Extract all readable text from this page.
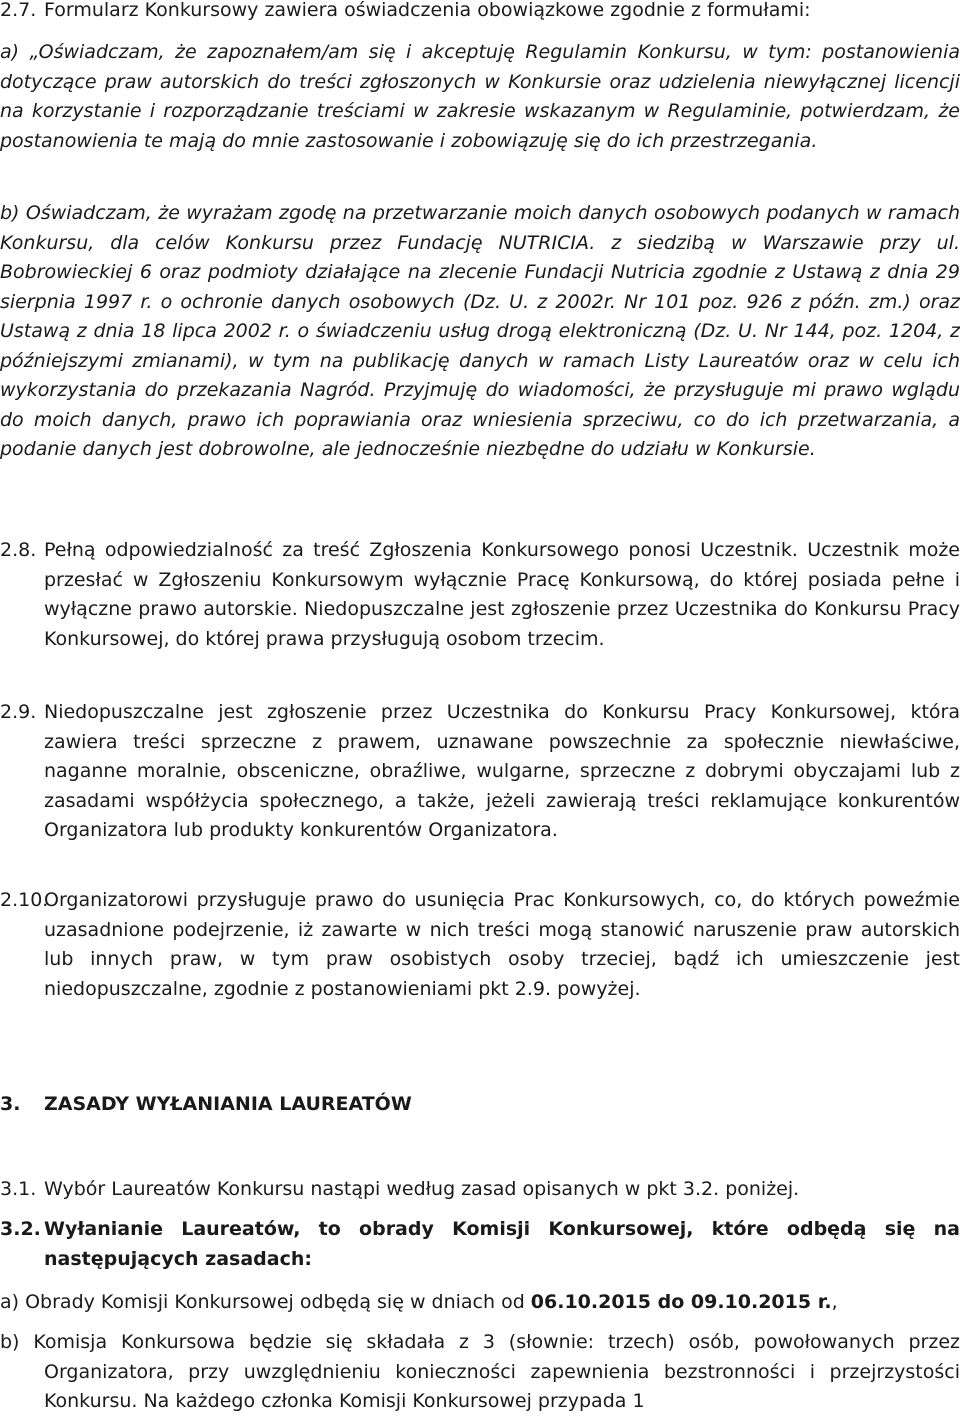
2.7. Formularz Konkursowy zawiera oświadczenia obowiązkowe zgodnie z formułami:

a) „Oświadczam, że zapoznałem/am się i akceptuję Regulamin Konkursu, w tym: postanowienia dotyczące praw autorskich do treści zgłoszonych w Konkursie oraz udzielenia niewyłącznej licencji na korzystanie i rozporządzanie treściami w zakresie wskazanym w Regulaminie, potwierdzam, że postanowienia te mają do mnie zastosowanie i zobowiązuję się do ich przestrzegania.

b) Oświadczam, że wyrażam zgodę na przetwarzanie moich danych osobowych podanych w ramach Konkursu, dla celów Konkursu przez Fundację NUTRICIA. z siedzibą w Warszawie przy ul. Bobrowieckiej 6 oraz podmioty działające na zlecenie Fundacji Nutricia zgodnie z Ustawą z dnia 29 sierpnia 1997 r. o ochronie danych osobowych (Dz. U. z 2002r. Nr 101 poz. 926 z późn. zm.) oraz Ustawą z dnia 18 lipca 2002 r. o świadczeniu usług drogą elektroniczną (Dz. U. Nr 144, poz. 1204, z późniejszymi zmianami), w tym na publikację danych w ramach Listy Laureatów oraz w celu ich wykorzystania do przekazania Nagród. Przyjmuję do wiadomości, że przysługuje mi prawo wglądu do moich danych, prawo ich poprawiania oraz wniesienia sprzeciwu, co do ich przetwarzania, a podanie danych jest dobrowolne, ale jednocześnie niezbędne do udziału w Konkursie.

2.8. Pełną odpowiedzialność za treść Zgłoszenia Konkursowego ponosi Uczestnik. Uczestnik może przesłać w Zgłoszeniu Konkursowym wyłącznie Pracę Konkursową, do której posiada pełne i wyłączne prawo autorskie. Niedopuszczalne jest zgłoszenie przez Uczestnika do Konkursu Pracy Konkursowej, do której prawa przysługują osobom trzecim.

2.9. Niedopuszczalne jest zgłoszenie przez Uczestnika do Konkursu Pracy Konkursowej, która zawiera treści sprzeczne z prawem, uznawane powszechnie za społecznie niewłaściwe, naganne moralnie, obsceniczne, obraźliwe, wulgarne, sprzeczne z dobrymi obyczajami lub z zasadami współżycia społecznego, a także, jeżeli zawierają treści reklamujące konkurentów Organizatora lub produkty konkurentów Organizatora.

2.10.Organizatorowi przysługuje prawo do usunięcia Prac Konkursowych, co, do których poweźmie uzasadnione podejrzenie, iż zawarte w nich treści mogą stanowić naruszenie praw autorskich lub innych praw, w tym praw osobistych osoby trzeciej, bądź ich umieszczenie jest niedopuszczalne, zgodnie z postanowieniami pkt 2.9. powyżej.

3. ZASADY WYŁANIANIA LAUREATÓW

3.1. Wybór Laureatów Konkursu nastąpi według zasad opisanych w pkt 3.2. poniżej.

3.2. Wyłanianie Laureatów, to obrady Komisji Konkursowej, które odbędą się na następujących zasadach:

a) Obrady Komisji Konkursowej odbędą się w dniach od 06.10.2015 do 09.10.2015 r.,

b) Komisja Konkursowa będzie się składała z 3 (słownie: trzech) osób, powołowanych przez Organizatora, przy uwzględnieniu konieczności zapewnienia bezstronności i przejrzystości Konkursu. Na każdego członka Komisji Konkursowej przypada 1
